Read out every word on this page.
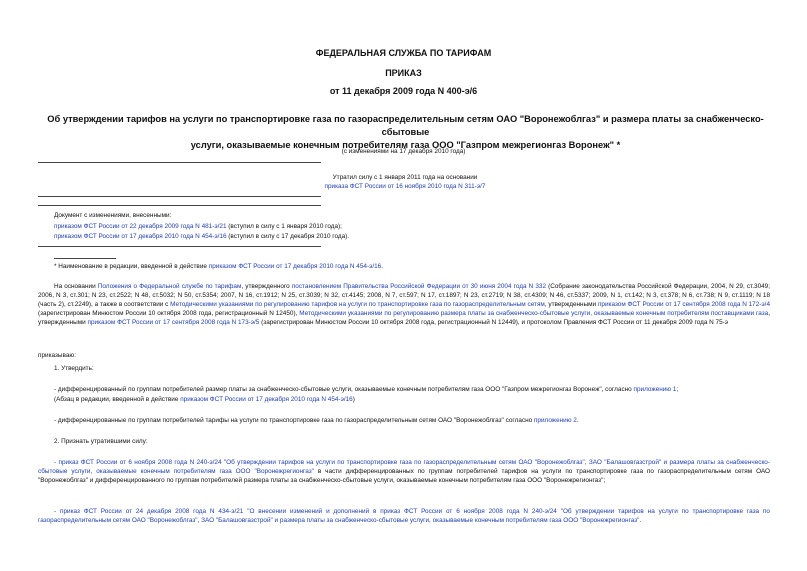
ФЕДЕРАЛЬНАЯ СЛУЖБА ПО ТАРИФАМ
ПРИКАЗ
от 11 декабря 2009 года N 400-э/6
Об утверждении тарифов на услуги по транспортировке газа по газораспределительным сетям ОАО "Воронежоблгаз" и размера платы за снабженческо-сбытовые
услуги, оказываемые конечным потребителям газа ООО "Газпром межрегионгаз Воронеж" *
(с изменениями на 17 декабря 2010 года)
Утратил силу с 1 января 2011 года на основании
приказа ФСТ России от 16 ноября 2010 года N 311-э/7
Документ с изменениями, внесенными:
приказом ФСТ России от 22 декабря 2009 года N 481-э/21 (вступил в силу с 1 января 2010 года);
приказом ФСТ России от 17 декабря 2010 года N 454-э/16 (вступил в силу с 17 декабря 2010 года).
* Наименование в редакции, введенной в действие приказом ФСТ России от 17 декабря 2010 года N 454-э/16.
На основании Положения о Федеральной службе по тарифам, утвержденного постановлением Правительства Российской Федерации от 30 июня 2004 года N 332 (Собрание законодательства Российской Федерации, 2004, N 29, ст.3049; 2006, N 3, ст.301; N 23, ст.2522; N 48, ст.5032; N 50, ст.5354; 2007, N 16, ст.1912; N 25, ст.3039; N 32, ст.4145; 2008, N 7, ст.597; N 17, ст.1897; N 23, ст.2719; N 38, ст.4309; N 46, ст.5337; 2009, N 1, ст.142; N 3, ст.378; N 6, ст.738; N 9, ст.1119; N 18 (часть 2), ст.2249), а также в соответствии с Методическими указаниями по регулированию тарифов на услуги по транспортировке газа по газораспределительным сетям, утвержденными приказом ФСТ России от 17 сентября 2008 года N 172-э/4 (зарегистрирован Минюстом России 10 октября 2008 года, регистрационный N 12450), Методическими указаниями по регулированию размера платы за снабженческо-сбытовые услуги, оказываемые конечным потребителям поставщиками газа, утвержденными приказом ФСТ России от 17 сентября 2008 года N 173-э/5 (зарегистрирован Минюстом России 10 октября 2008 года, регистрационный N 12449), и протоколом Правления ФСТ России от 11 декабря 2009 года N 75-э
приказываю:
1. Утвердить:
- дифференцированный по группам потребителей размер платы за снабженческо-сбытовые услуги, оказываемые конечным потребителям газа ООО "Газпром межрегионгаз Воронеж", согласно приложению 1;
(Абзац в редакции, введенной в действие приказом ФСТ России от 17 декабря 2010 года N 454-э/16)
- дифференцированные по группам потребителей тарифы на услуги по транспортировке газа по газораспределительным сетям ОАО "Воронежоблгаз" согласно приложению 2.
2. Признать утратившими силу:
- приказ ФСТ России от 6 ноября 2008 года N 240-э/24 "Об утверждении тарифов на услуги по транспортировке газа по газораспределительным сетям ОАО "Воронежоблгаз", ЗАО "Балашовгазстрой" и размера платы за снабженческо-сбытовые услуги, оказываемые конечным потребителям газа ООО "Воронежрегионгаз" в части дифференцированных по группам потребителей тарифов на услуги по транспортировке газа по газораспределительным сетям ОАО "Воронежоблгаз" и дифференцированного по группам потребителей размера платы за снабженческо-сбытовые услуги, оказываемые конечным потребителям газа ООО "Воронежрегионгаз";
- приказ ФСТ России от 24 декабря 2008 года N 434-э/21 "О внесении изменений и дополнений в приказ ФСТ России от 6 ноября 2008 года N 240-э/24 "Об утверждении тарифов на услуги по транспортировке газа по газораспределительным сетям ОАО "Воронежоблгаз", ЗАО "Балашовгазстрой" и размера платы за снабженческо-сбытовые услуги, оказываемые конечным потребителям газа ООО "Воронежрегионгаз".
